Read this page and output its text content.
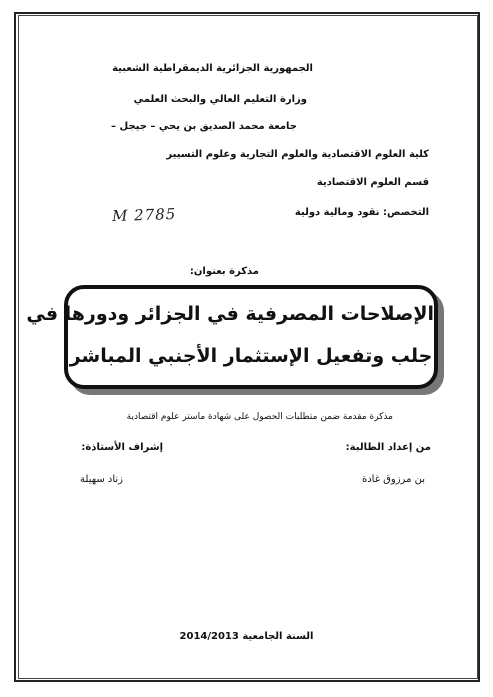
الجمهورية الجزائرية الديمقراطية الشعبية
وزارة التعليم العالي والبحث العلمي
جامعة محمد الصديق بن يحي – جيجل –
كلية العلوم الاقتصادية والعلوم التجارية وعلوم التسيير
قسم العلوم الاقتصادية
M 2785	التخصص: نقود ومالية دولية
مذكرة بعنوان:
الإصلاحات المصرفية في الجزائر ودورها في
جلب وتفعيل الإستثمار الأجنبي المباشر
مذكرة مقدمة ضمن متطلبات الحصول على شهادة ماستر علوم اقتصادية
من إعداد الطالبة:
إشراف الأستاذة:
بن مرزوق غادة
زناد سهيلة
السنة الجامعية 2014/2013
